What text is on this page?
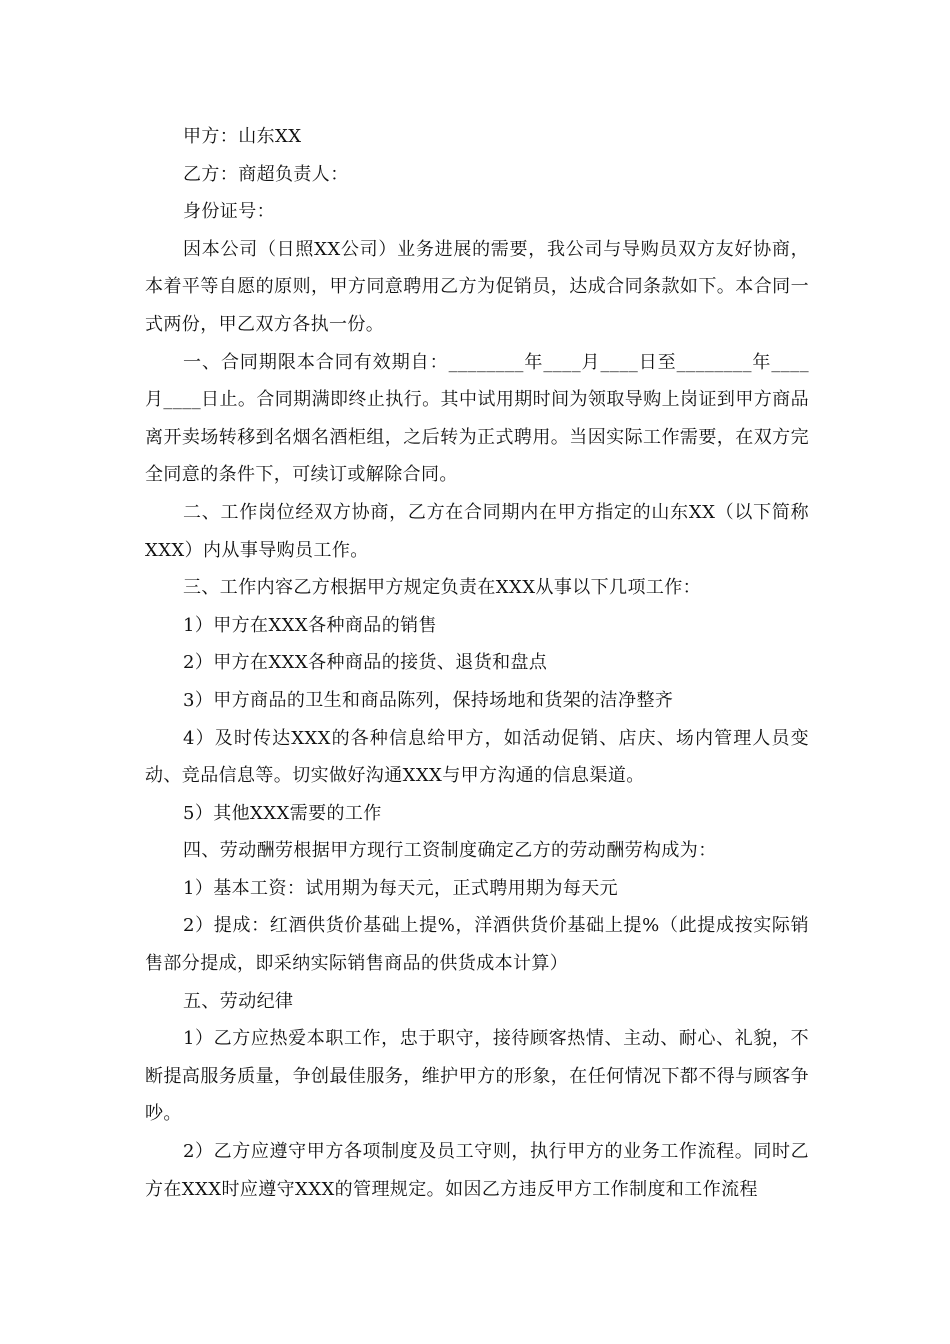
甲方：山东XX

乙方：商超负责人：

身份证号：

因本公司（日照XX公司）业务进展的需要，我公司与导购员双方友好协商，本着平等自愿的原则，甲方同意聘用乙方为促销员，达成合同条款如下。本合同一式两份，甲乙双方各执一份。

一、合同期限本合同有效期自：________年____月____日至________年____月____日止。合同期满即终止执行。其中试用期时间为领取导购上岗证到甲方商品离开卖场转移到名烟名酒柜组，之后转为正式聘用。当因实际工作需要，在双方完全同意的条件下，可续订或解除合同。

二、工作岗位经双方协商，乙方在合同期内在甲方指定的山东XX（以下简称XXX）内从事导购员工作。

三、工作内容乙方根据甲方规定负责在XXX从事以下几项工作：

1）甲方在XXX各种商品的销售

2）甲方在XXX各种商品的接货、退货和盘点

3）甲方商品的卫生和商品陈列，保持场地和货架的洁净整齐

4）及时传达XXX的各种信息给甲方，如活动促销、店庆、场内管理人员变动、竞品信息等。切实做好沟通XXX与甲方沟通的信息渠道。

5）其他XXX需要的工作

四、劳动酬劳根据甲方现行工资制度确定乙方的劳动酬劳构成为：

1）基本工资：试用期为每天元，正式聘用期为每天元

2）提成：红酒供货价基础上提%，洋酒供货价基础上提%（此提成按实际销售部分提成，即采纳实际销售商品的供货成本计算）

五、劳动纪律

1）乙方应热爱本职工作，忠于职守，接待顾客热情、主动、耐心、礼貌，不断提高服务质量，争创最佳服务，维护甲方的形象，在任何情况下都不得与顾客争吵。

2）乙方应遵守甲方各项制度及员工守则，执行甲方的业务工作流程。同时乙方在XXX时应遵守XXX的管理规定。如因乙方违反甲方工作制度和工作流程
